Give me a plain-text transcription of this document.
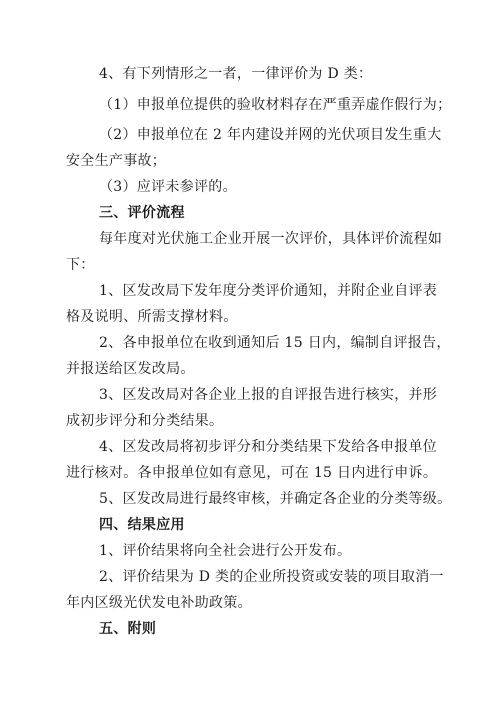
4、有下列情形之一者，一律评价为 D 类：
（1）申报单位提供的验收材料存在严重弄虚作假行为；
（2）申报单位在 2 年内建设并网的光伏项目发生重大
安全生产事故；
（3）应评未参评的。
三、评价流程
每年度对光伏施工企业开展一次评价，具体评价流程如
下：
1、区发改局下发年度分类评价通知，并附企业自评表
格及说明、所需支撑材料。
2、各申报单位在收到通知后 15 日内，编制自评报告，
并报送给区发改局。
3、区发改局对各企业上报的自评报告进行核实，并形
成初步评分和分类结果。
4、区发改局将初步评分和分类结果下发给各申报单位
进行核对。各申报单位如有意见，可在 15 日内进行申诉。
5、区发改局进行最终审核，并确定各企业的分类等级。
四、结果应用
1、评价结果将向全社会进行公开发布。
2、评价结果为 D 类的企业所投资或安装的项目取消一
年内区级光伏发电补助政策。
五、附则
